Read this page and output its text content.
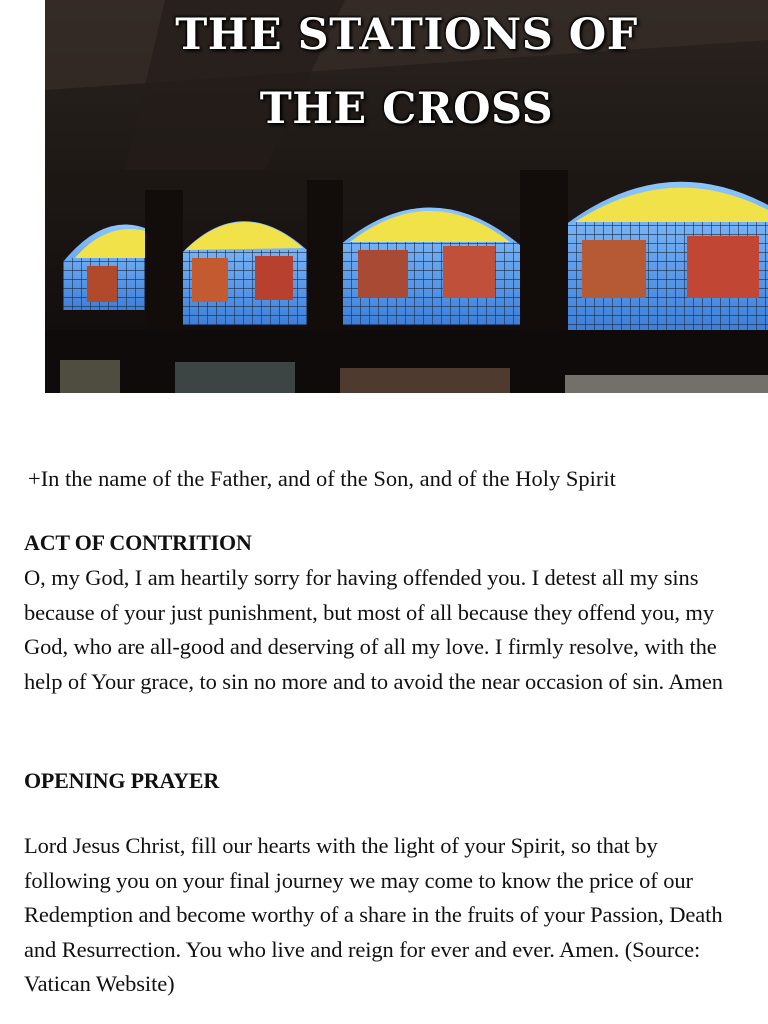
THE STATIONS OF
THE CROSS
+In the name of the Father, and of the Son, and of the Holy Spirit
ACT OF CONTRITION
O, my God, I am heartily sorry for having offended you. I detest all my sins
because of your just punishment, but most of all because they offend you, my
God, who are all-good and deserving of all my love. I firmly resolve, with the
help of Your grace, to sin no more and to avoid the near occasion of sin. Amen
OPENING PRAYER
Lord Jesus Christ, fill our hearts with the light of your Spirit, so that by
following you on your final journey we may come to know the price of our
Redemption and become worthy of a share in the fruits of your Passion, Death
and Resurrection. You who live and reign for ever and ever. Amen. (Source:
Vatican Website)
